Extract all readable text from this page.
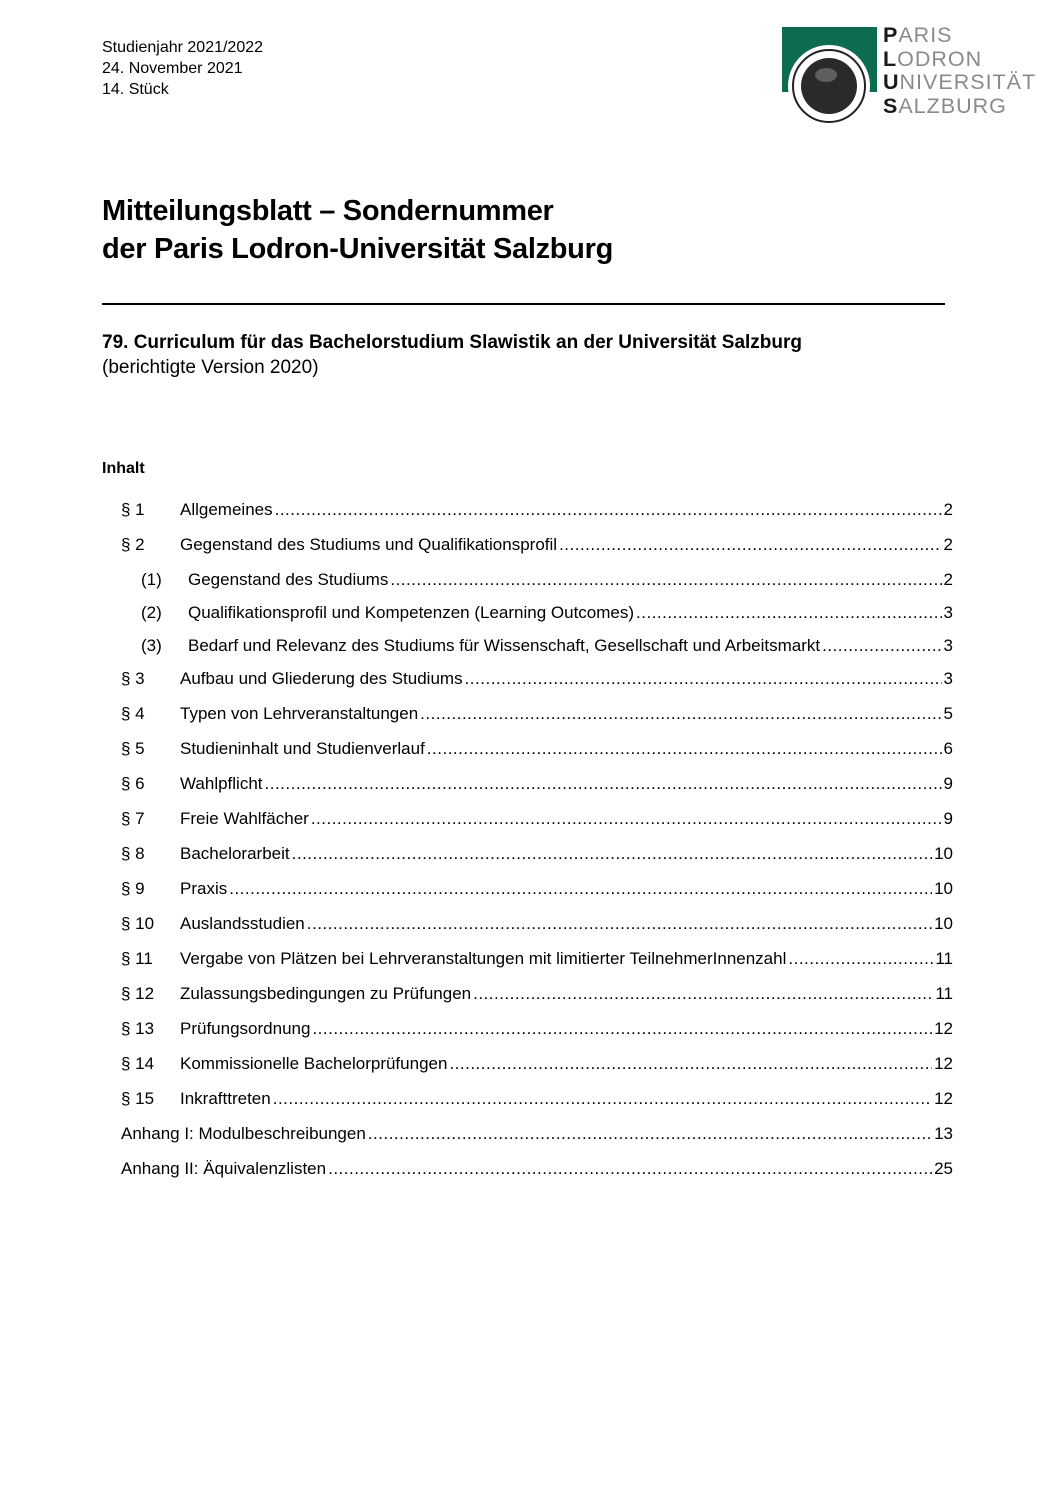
Studienjahr 2021/2022
24. November 2021
14. Stück
PARIS
LODRON
UNIVERSITÄT
SALZBURG
Mitteilungsblatt – Sondernummer
der Paris Lodron-Universität Salzburg
79. Curriculum für das Bachelorstudium Slawistik an der Universität Salzburg
(berichtigte Version 2020)
Inhalt
§ 1	Allgemeines .....	2
§ 2	Gegenstand des Studiums und Qualifikationsprofil .....	2
(1)	Gegenstand des Studiums .....	2
(2)	Qualifikationsprofil und Kompetenzen (Learning Outcomes) .....	3
(3)	Bedarf und Relevanz des Studiums für Wissenschaft, Gesellschaft und Arbeitsmarkt .....	3
§ 3	Aufbau und Gliederung des Studiums .....	3
§ 4	Typen von Lehrveranstaltungen .....	5
§ 5	Studieninhalt und Studienverlauf .....	6
§ 6	Wahlpflicht .....	9
§ 7	Freie Wahlfächer .....	9
§ 8	Bachelorarbeit .....	10
§ 9	Praxis .....	10
§ 10	Auslandsstudien .....	10
§ 11	Vergabe von Plätzen bei Lehrveranstaltungen mit limitierter TeilnehmerInnenzahl .....	11
§ 12	Zulassungsbedingungen zu Prüfungen .....	11
§ 13	Prüfungsordnung .....	12
§ 14	Kommissionelle Bachelorprüfungen .....	12
§ 15	Inkrafttreten .....	12
Anhang I: Modulbeschreibungen .....	13
Anhang II: Äquivalenzlisten .....	25
